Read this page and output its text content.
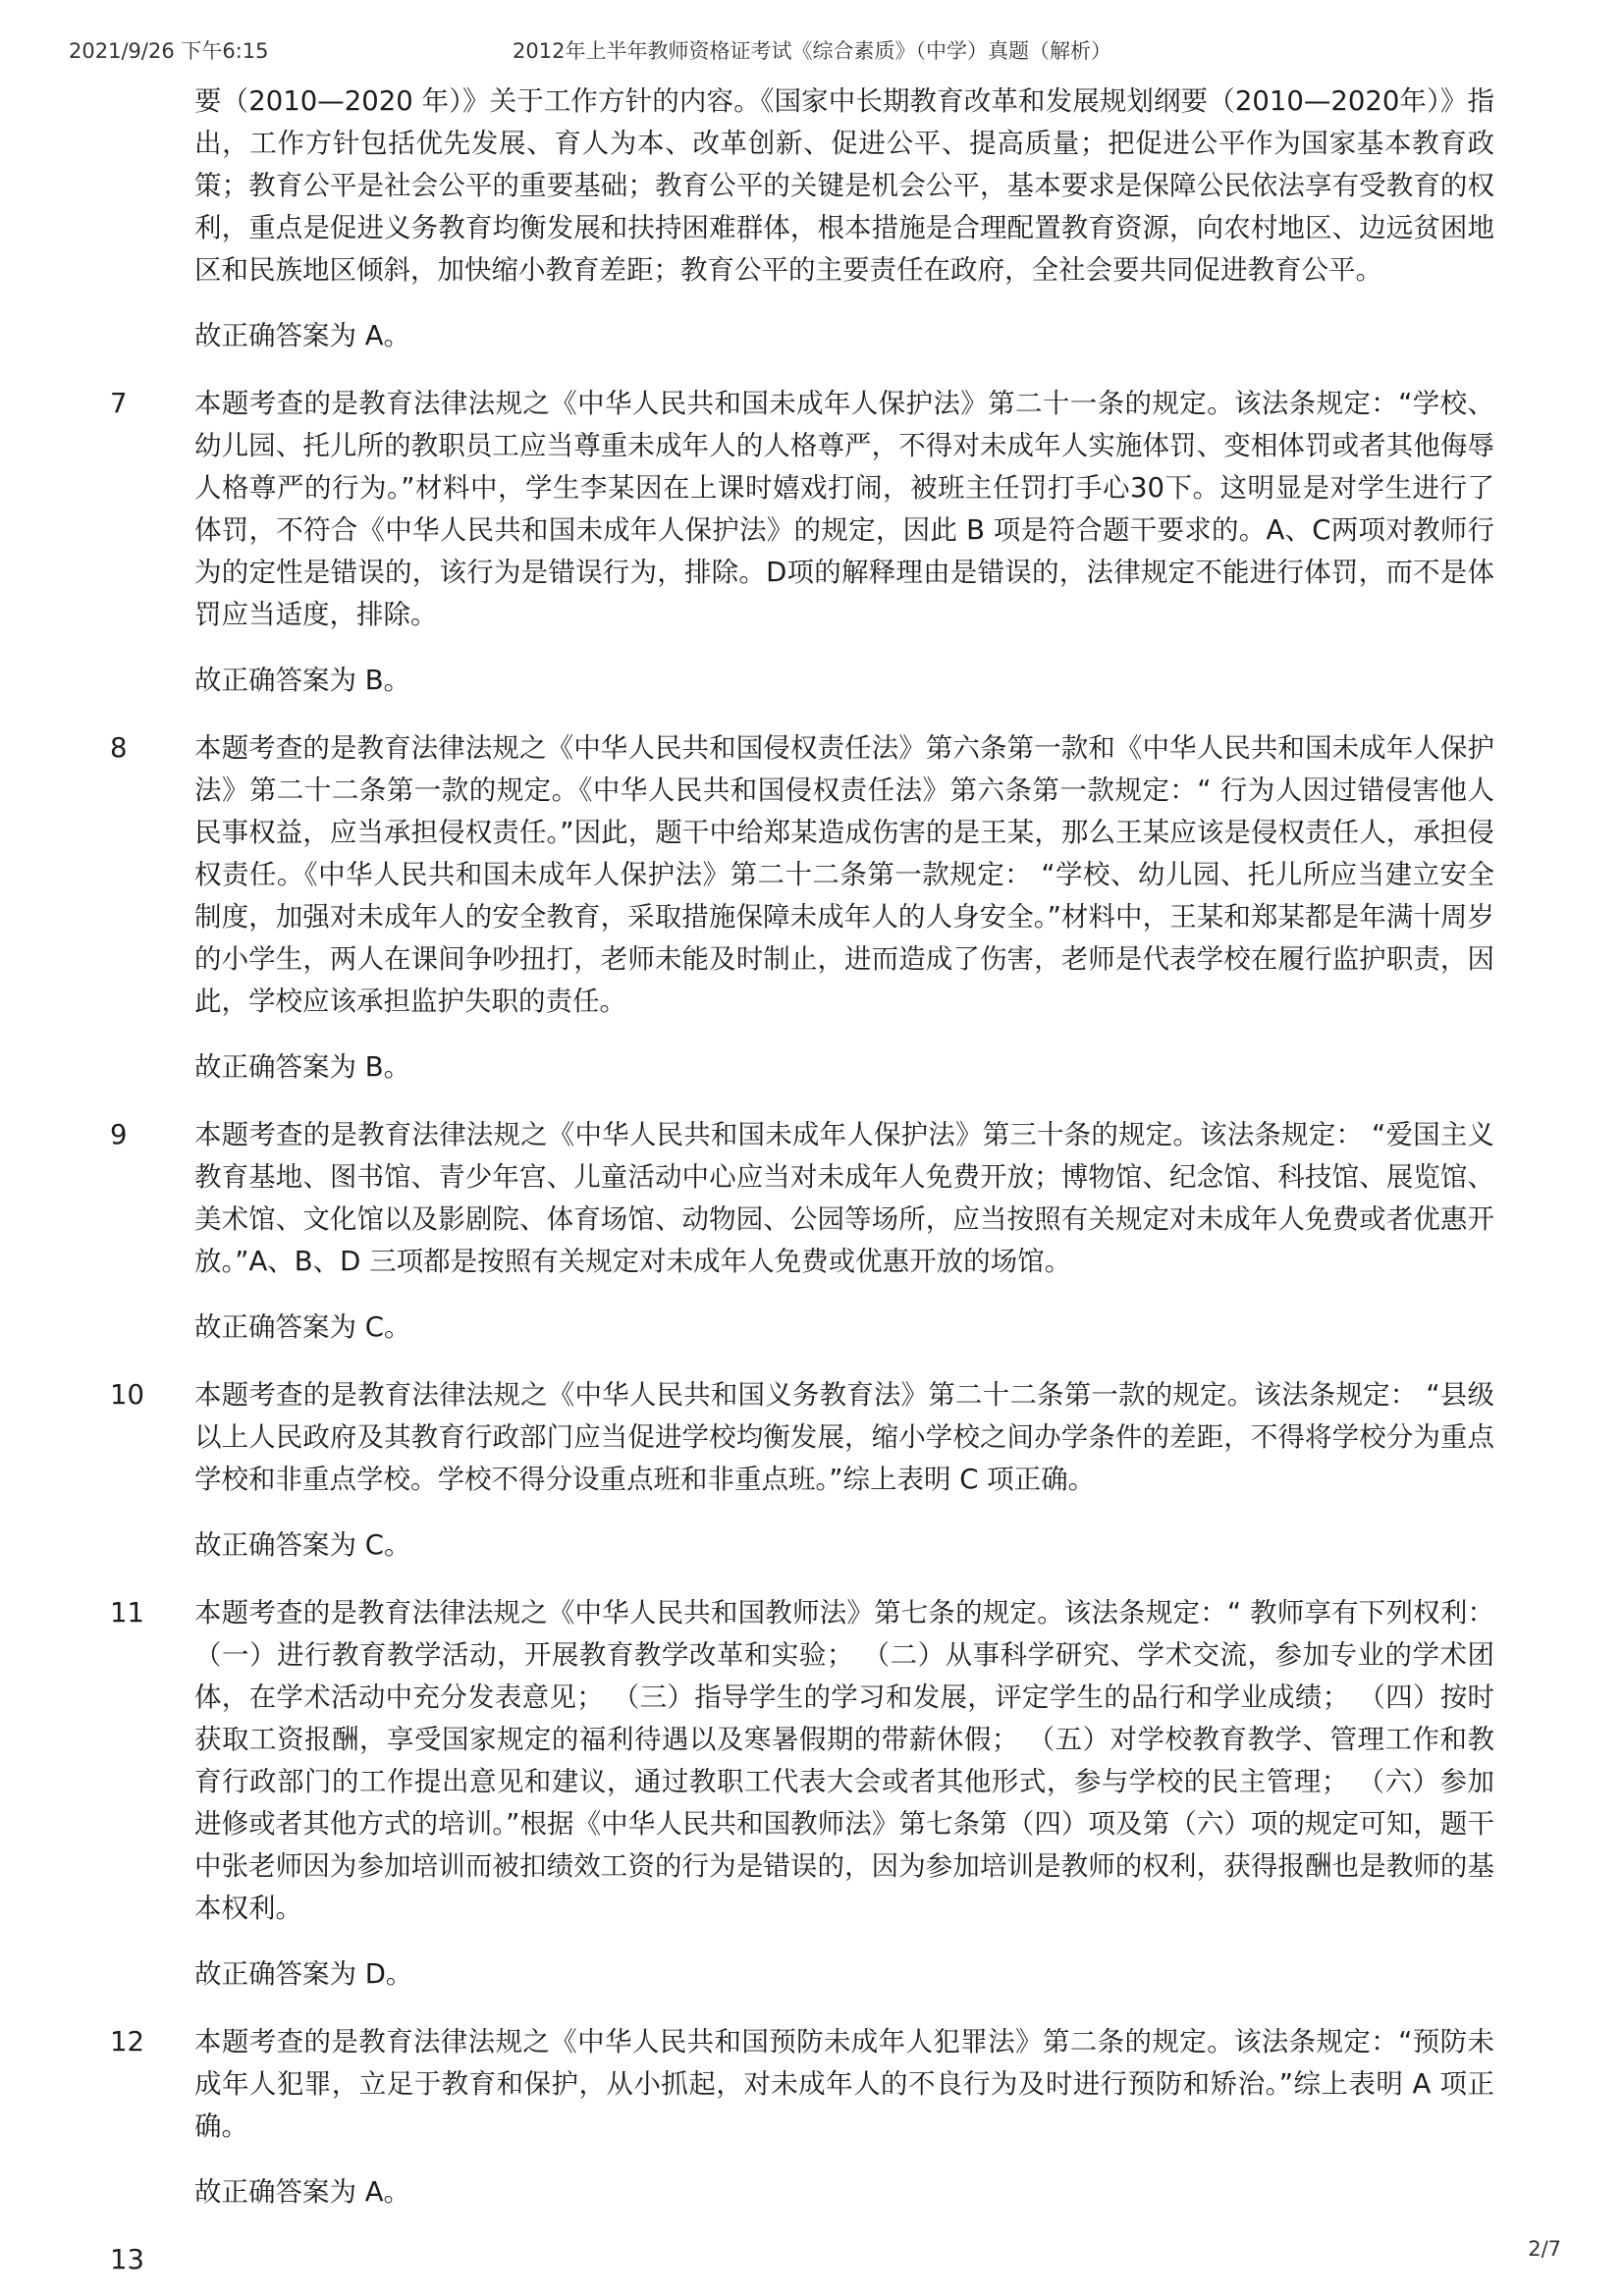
2021/9/26 下午6:15	2012年上半年教师资格证考试《综合素质》（中学）真题（解析）

要（2010—2020 年）》关于工作方针的内容。《国家中长期教育改革和发展规划纲要（2010—2020年）》指出，工作方针包括优先发展、育人为本、改革创新、促进公平、提高质量；把促进公平作为国家基本教育政策；教育公平是社会公平的重要基础；教育公平的关键是机会公平，基本要求是保障公民依法享有受教育的权利，重点是促进义务教育均衡发展和扶持困难群体，根本措施是合理配置教育资源，向农村地区、边远贫困地区和民族地区倾斜，加快缩小教育差距；教育公平的主要责任在政府，全社会要共同促进教育公平。

故正确答案为 A。

7	本题考查的是教育法律法规之《中华人民共和国未成年人保护法》第二十一条的规定。该法条规定：“学校、幼儿园、托儿所的教职员工应当尊重未成年人的人格尊严，不得对未成年人实施体罚、变相体罚或者其他侮辱人格尊严的行为。”材料中，学生李某因在上课时嬉戏打闹，被班主任罚打手心30下。这明显是对学生进行了体罚，不符合《中华人民共和国未成年人保护法》的规定，因此 B 项是符合题干要求的。A、C两项对教师行为的定性是错误的，该行为是错误行为，排除。D项的解释理由是错误的，法律规定不能进行体罚，而不是体罚应当适度，排除。

故正确答案为 B。

8	本题考查的是教育法律法规之《中华人民共和国侵权责任法》第六条第一款和《中华人民共和国未成年人保护法》第二十二条第一款的规定。《中华人民共和国侵权责任法》第六条第一款规定：“ 行为人因过错侵害他人民事权益，应当承担侵权责任。”因此，题干中给郑某造成伤害的是王某，那么王某应该是侵权责任人，承担侵权责任。《中华人民共和国未成年人保护法》第二十二条第一款规定： “学校、幼儿园、托儿所应当建立安全制度，加强对未成年人的安全教育，采取措施保障未成年人的人身安全。”材料中，王某和郑某都是年满十周岁的小学生，两人在课间争吵扭打，老师未能及时制止，进而造成了伤害，老师是代表学校在履行监护职责，因此，学校应该承担监护失职的责任。

故正确答案为 B。

9	本题考查的是教育法律法规之《中华人民共和国未成年人保护法》第三十条的规定。该法条规定： “爱国主义教育基地、图书馆、青少年宫、儿童活动中心应当对未成年人免费开放；博物馆、纪念馆、科技馆、展览馆、美术馆、文化馆以及影剧院、体育场馆、动物园、公园等场所，应当按照有关规定对未成年人免费或者优惠开放。”A、B、D 三项都是按照有关规定对未成年人免费或优惠开放的场馆。

故正确答案为 C。

10	本题考查的是教育法律法规之《中华人民共和国义务教育法》第二十二条第一款的规定。该法条规定： “县级以上人民政府及其教育行政部门应当促进学校均衡发展，缩小学校之间办学条件的差距，不得将学校分为重点学校和非重点学校。学校不得分设重点班和非重点班。”综上表明 C 项正确。

故正确答案为 C。

11	本题考查的是教育法律法规之《中华人民共和国教师法》第七条的规定。该法条规定：“ 教师享有下列权利： （一）进行教育教学活动，开展教育教学改革和实验； （二）从事科学研究、学术交流，参加专业的学术团体，在学术活动中充分发表意见； （三）指导学生的学习和发展，评定学生的品行和学业成绩； （四）按时获取工资报酬，享受国家规定的福利待遇以及寒暑假期的带薪休假； （五）对学校教育教学、管理工作和教育行政部门的工作提出意见和建议，通过教职工代表大会或者其他形式，参与学校的民主管理； （六）参加进修或者其他方式的培训。”根据《中华人民共和国教师法》第七条第（四）项及第（六）项的规定可知，题干中张老师因为参加培训而被扣绩效工资的行为是错误的，因为参加培训是教师的权利，获得报酬也是教师的基本权利。

故正确答案为 D。

12	本题考查的是教育法律法规之《中华人民共和国预防未成年人犯罪法》第二条的规定。该法条规定：“预防未成年人犯罪，立足于教育和保护，从小抓起，对未成年人的不良行为及时进行预防和矫治。”综上表明 A 项正确。

故正确答案为 A。

13	2/7
